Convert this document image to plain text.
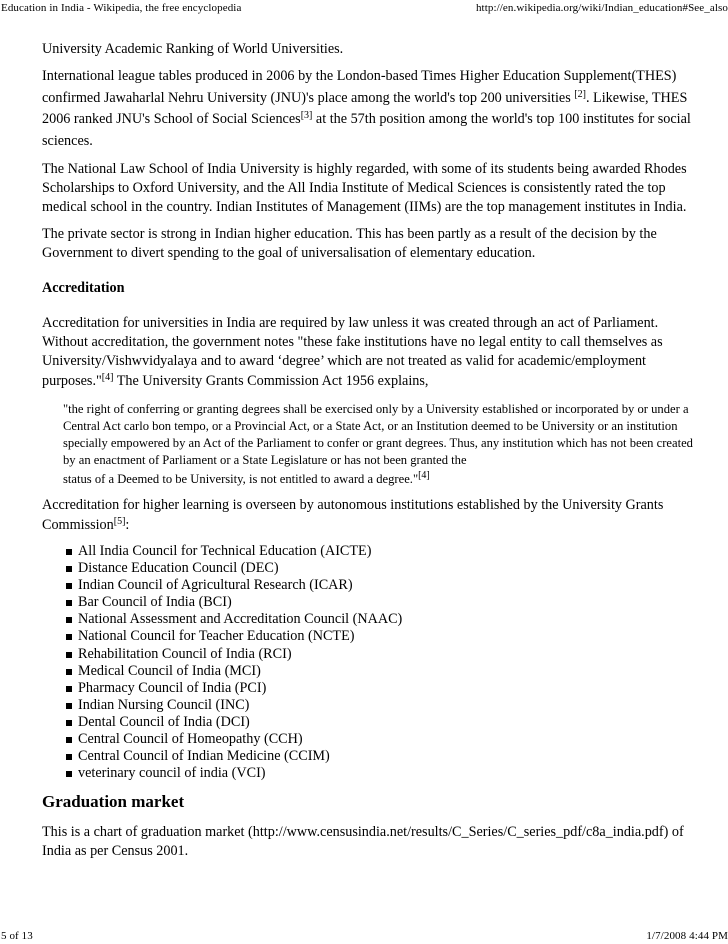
Education in India - Wikipedia, the free encyclopedia	http://en.wikipedia.org/wiki/Indian_education#See_also

University Academic Ranking of World Universities.

International league tables produced in 2006 by the London-based Times Higher Education Supplement(THES) confirmed Jawaharlal Nehru University (JNU)'s place among the world's top 200 universities [2]. Likewise, THES 2006 ranked JNU's School of Social Sciences[3] at the 57th position among the world's top 100 institutes for social sciences.

The National Law School of India University is highly regarded, with some of its students being awarded Rhodes Scholarships to Oxford University, and the All India Institute of Medical Sciences is consistently rated the top medical school in the country. Indian Institutes of Management (IIMs) are the top management institutes in India.

The private sector is strong in Indian higher education. This has been partly as a result of the decision by the Government to divert spending to the goal of universalisation of elementary education.

Accreditation

Accreditation for universities in India are required by law unless it was created through an act of Parliament. Without accreditation, the government notes "these fake institutions have no legal entity to call themselves as University/Vishwvidyalaya and to award ‘degree’ which are not treated as valid for academic/employment
purposes."[4] The University Grants Commission Act 1956 explains,

"the right of conferring or granting degrees shall be exercised only by a University established or incorporated by or under a Central Act carlo bon tempo, or a Provincial Act, or a State Act, or an Institution deemed to be University or an institution specially empowered by an Act of the Parliament to confer or grant degrees. Thus, any institution which has not been created by an enactment of Parliament or a State Legislature or has not been granted the
status of a Deemed to be University, is not entitled to award a degree."[4]

Accreditation for higher learning is overseen by autonomous institutions established by the University Grants
Commission[5]:

All India Council for Technical Education (AICTE)
Distance Education Council (DEC)
Indian Council of Agricultural Research (ICAR)
Bar Council of India (BCI)
National Assessment and Accreditation Council (NAAC)
National Council for Teacher Education (NCTE)
Rehabilitation Council of India (RCI)
Medical Council of India (MCI)
Pharmacy Council of India (PCI)
Indian Nursing Council (INC)
Dental Council of India (DCI)
Central Council of Homeopathy (CCH)
Central Council of Indian Medicine (CCIM)
veterinary council of india (VCI)

Graduation market

This is a chart of graduation market (http://www.censusindia.net/results/C_Series/C_series_pdf/c8a_india.pdf) of India as per Census 2001.

5 of 13	1/7/2008 4:44 PM
